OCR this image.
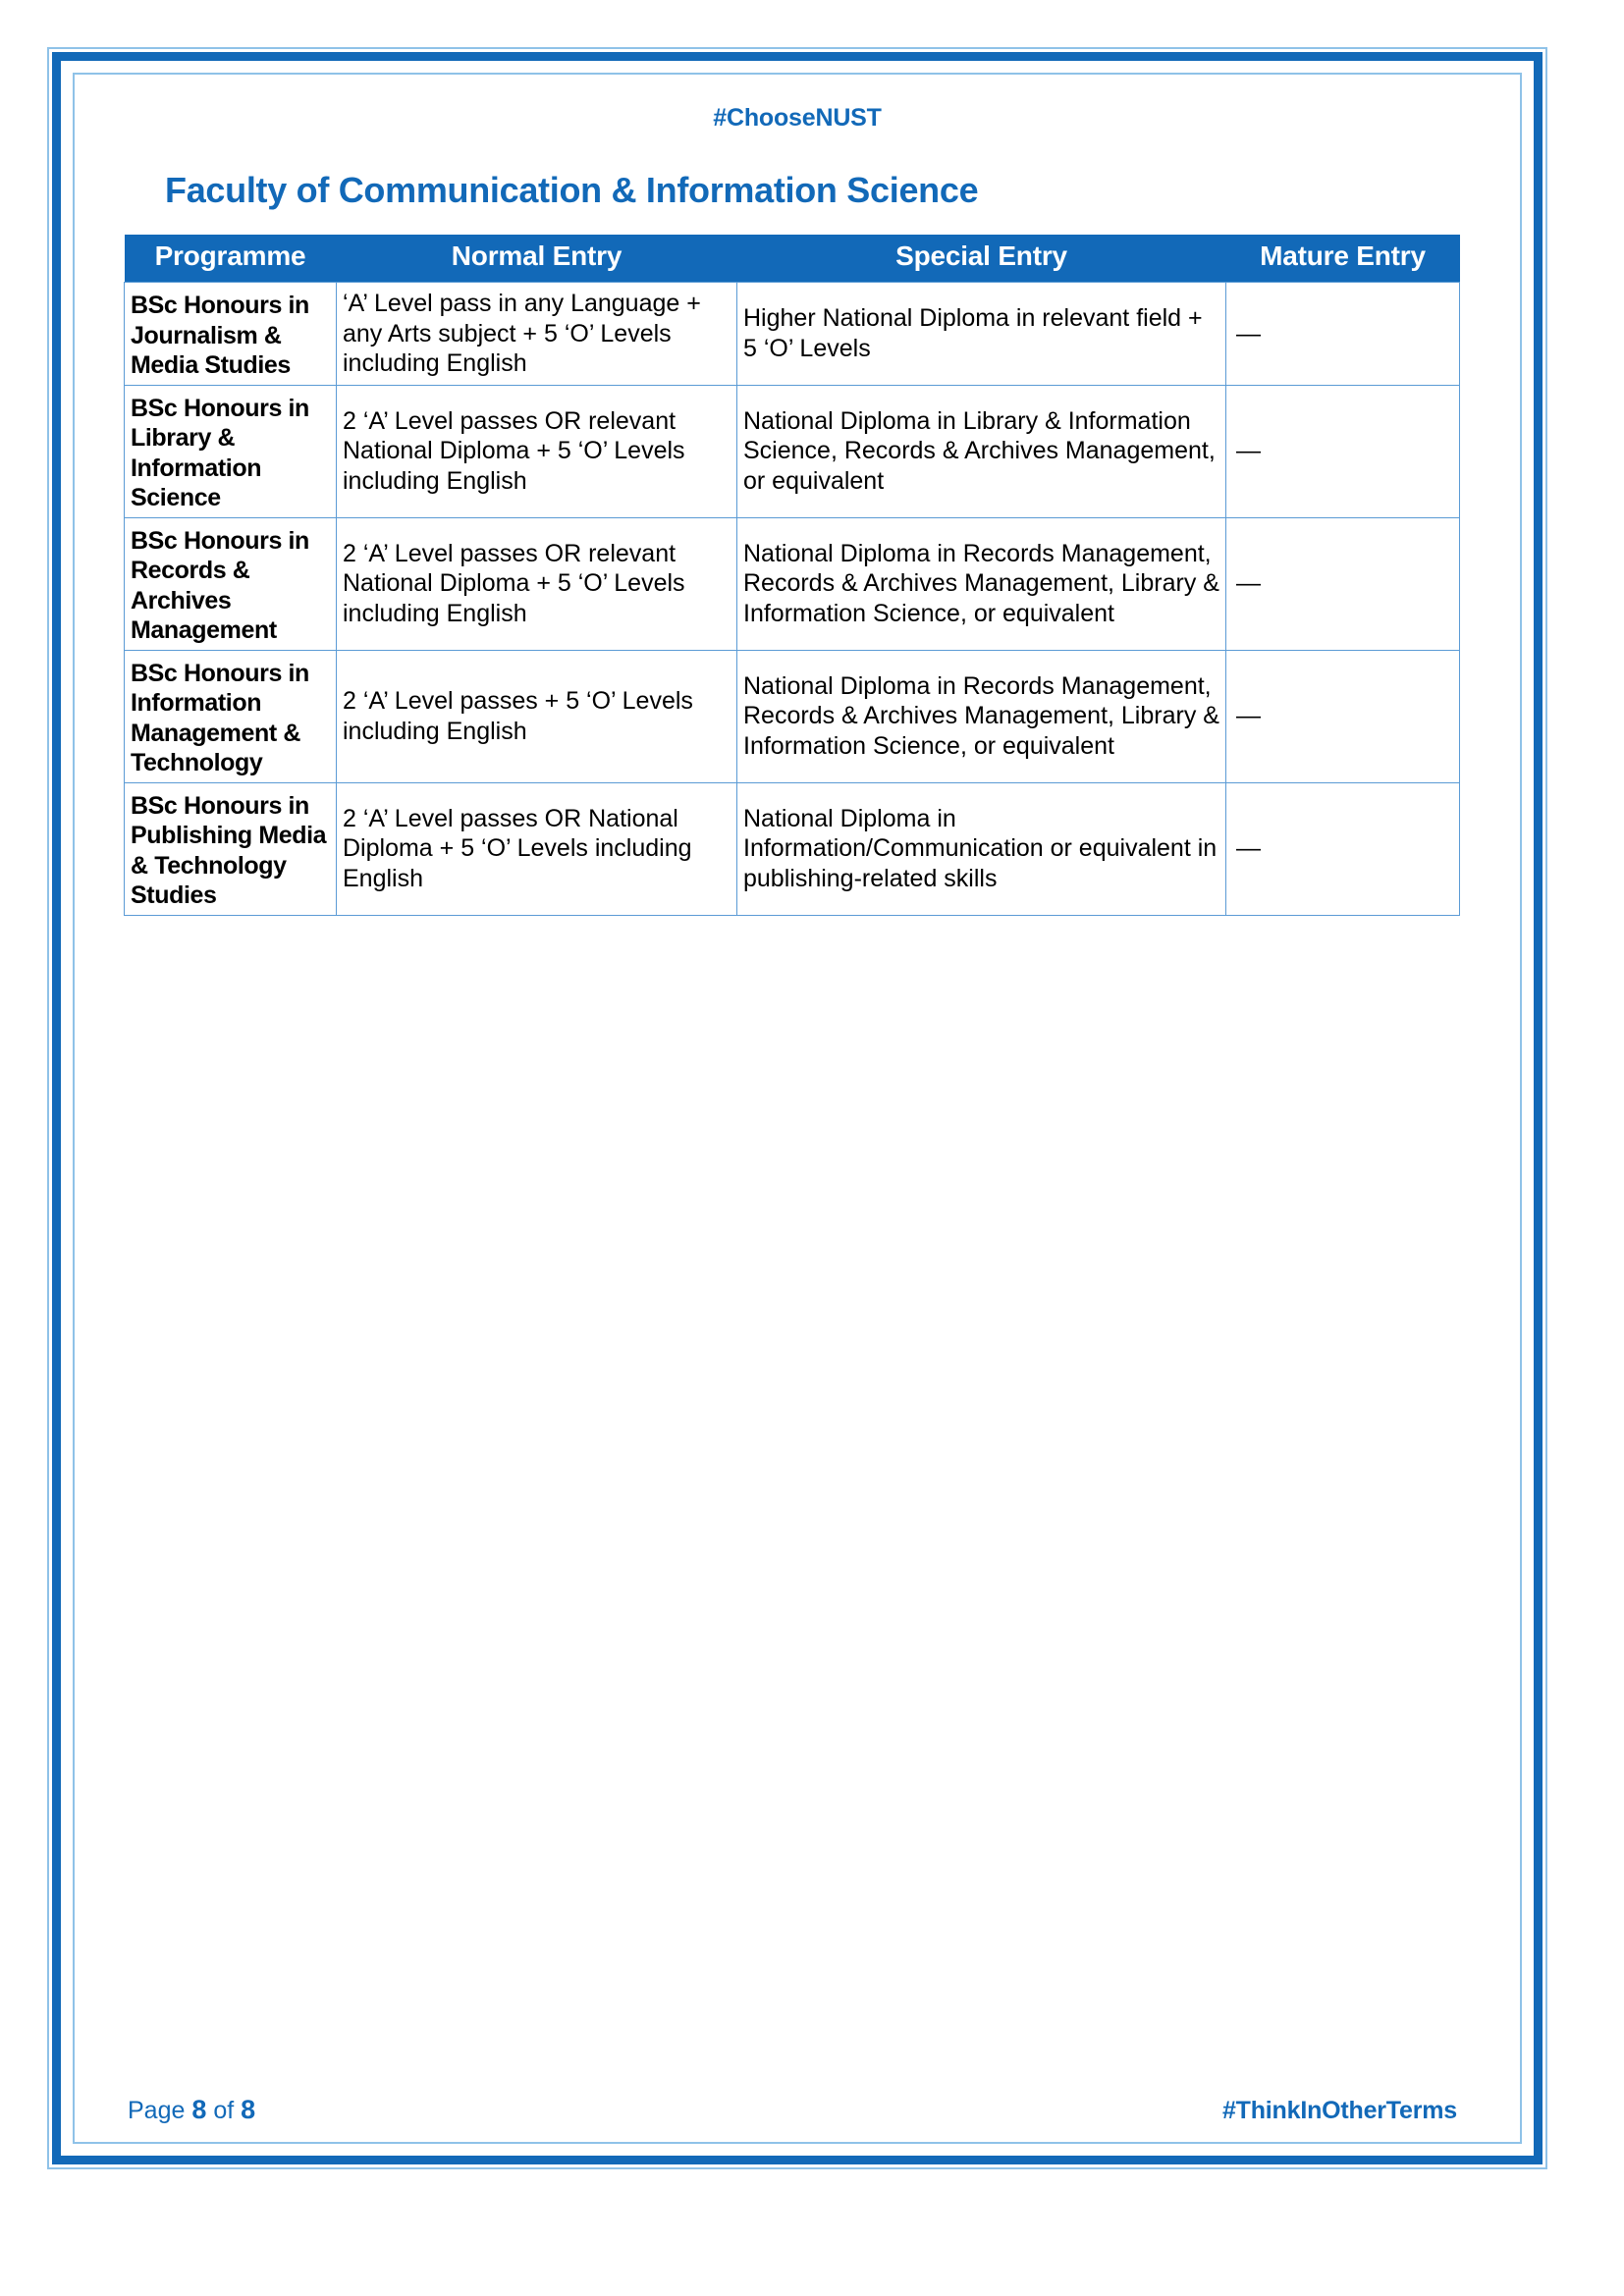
#ChooseNUST
Faculty of Communication & Information Science
Programme	Normal Entry	Special Entry	Mature Entry
BSc Honours in Journalism & Media Studies	‘A’ Level pass in any Language + any Arts subject + 5 ‘O’ Levels including English	Higher National Diploma in relevant field + 5 ‘O’ Levels	—
BSc Honours in Library & Information Science	2 ‘A’ Level passes OR relevant National Diploma + 5 ‘O’ Levels including English	National Diploma in Library & Information Science, Records & Archives Management, or equivalent	—
BSc Honours in Records & Archives Management	2 ‘A’ Level passes OR relevant National Diploma + 5 ‘O’ Levels including English	National Diploma in Records Management, Records & Archives Management, Library & Information Science, or equivalent	—
BSc Honours in Information Management & Technology	2 ‘A’ Level passes + 5 ‘O’ Levels including English	National Diploma in Records Management, Records & Archives Management, Library & Information Science, or equivalent	—
BSc Honours in Publishing Media & Technology Studies	2 ‘A’ Level passes OR National Diploma + 5 ‘O’ Levels including English	National Diploma in Information/Communication or equivalent in publishing-related skills	—
Page 8 of 8	#ThinkInOtherTerms
